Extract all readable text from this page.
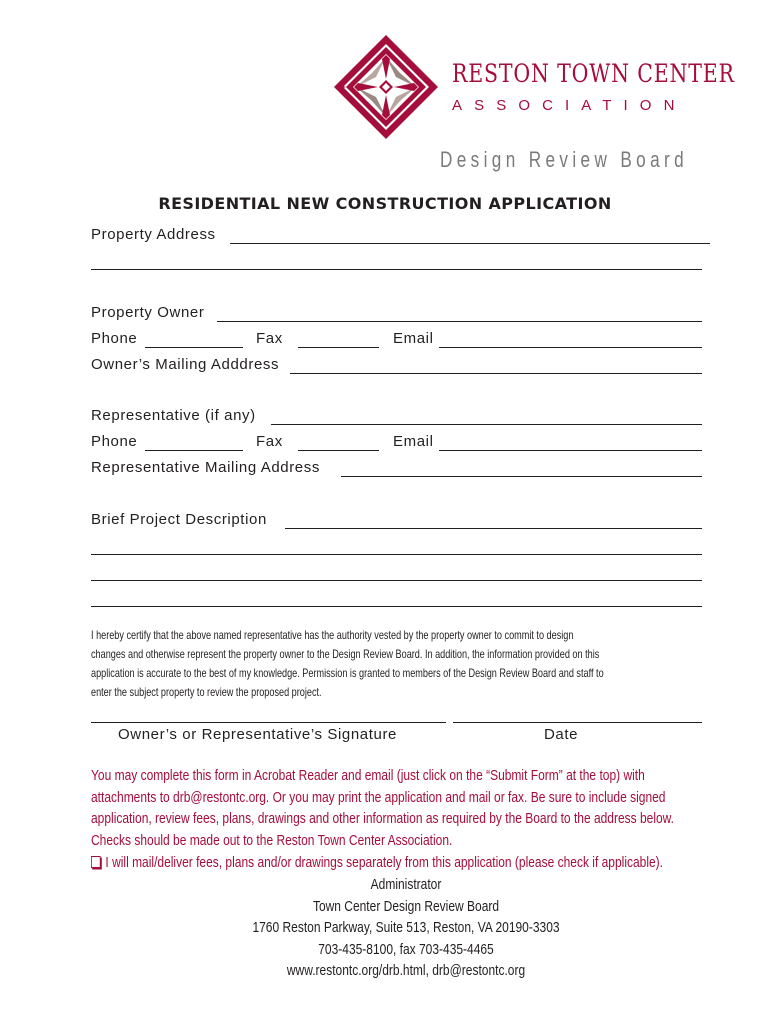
RESTON TOWN CENTER
ASSOCIATION
Design Review Board
RESIDENTIAL NEW CONSTRUCTION APPLICATION
Property Address
Property Owner
Phone	Fax	Email
Owner’s Mailing Adddress
Representative (if any)
Phone	Fax	Email
Representative Mailing Address
Brief Project Description
I hereby certify that the above named representative has the authority vested by the property owner to commit to design
changes and otherwise represent the property owner to the Design Review Board. In addition, the information provided on this
application is accurate to the best of my knowledge. Permission is granted to members of the Design Review Board and staff to
enter the subject property to review the proposed project.
Owner’s or Representative’s Signature	Date
You may complete this form in Acrobat Reader and email (just click on the “Submit Form” at the top) with
attachments to drb@restontc.org. Or you may print the application and mail or fax. Be sure to include signed
application, review fees, plans, drawings and other information as required by the Board to the address below.
Checks should be made out to the Reston Town Center Association.
I will mail/deliver fees, plans and/or drawings separately from this application (please check if applicable).
Administrator
Town Center Design Review Board
1760 Reston Parkway, Suite 513, Reston, VA 20190-3303
703-435-8100, fax 703-435-4465
www.restontc.org/drb.html, drb@restontc.org
